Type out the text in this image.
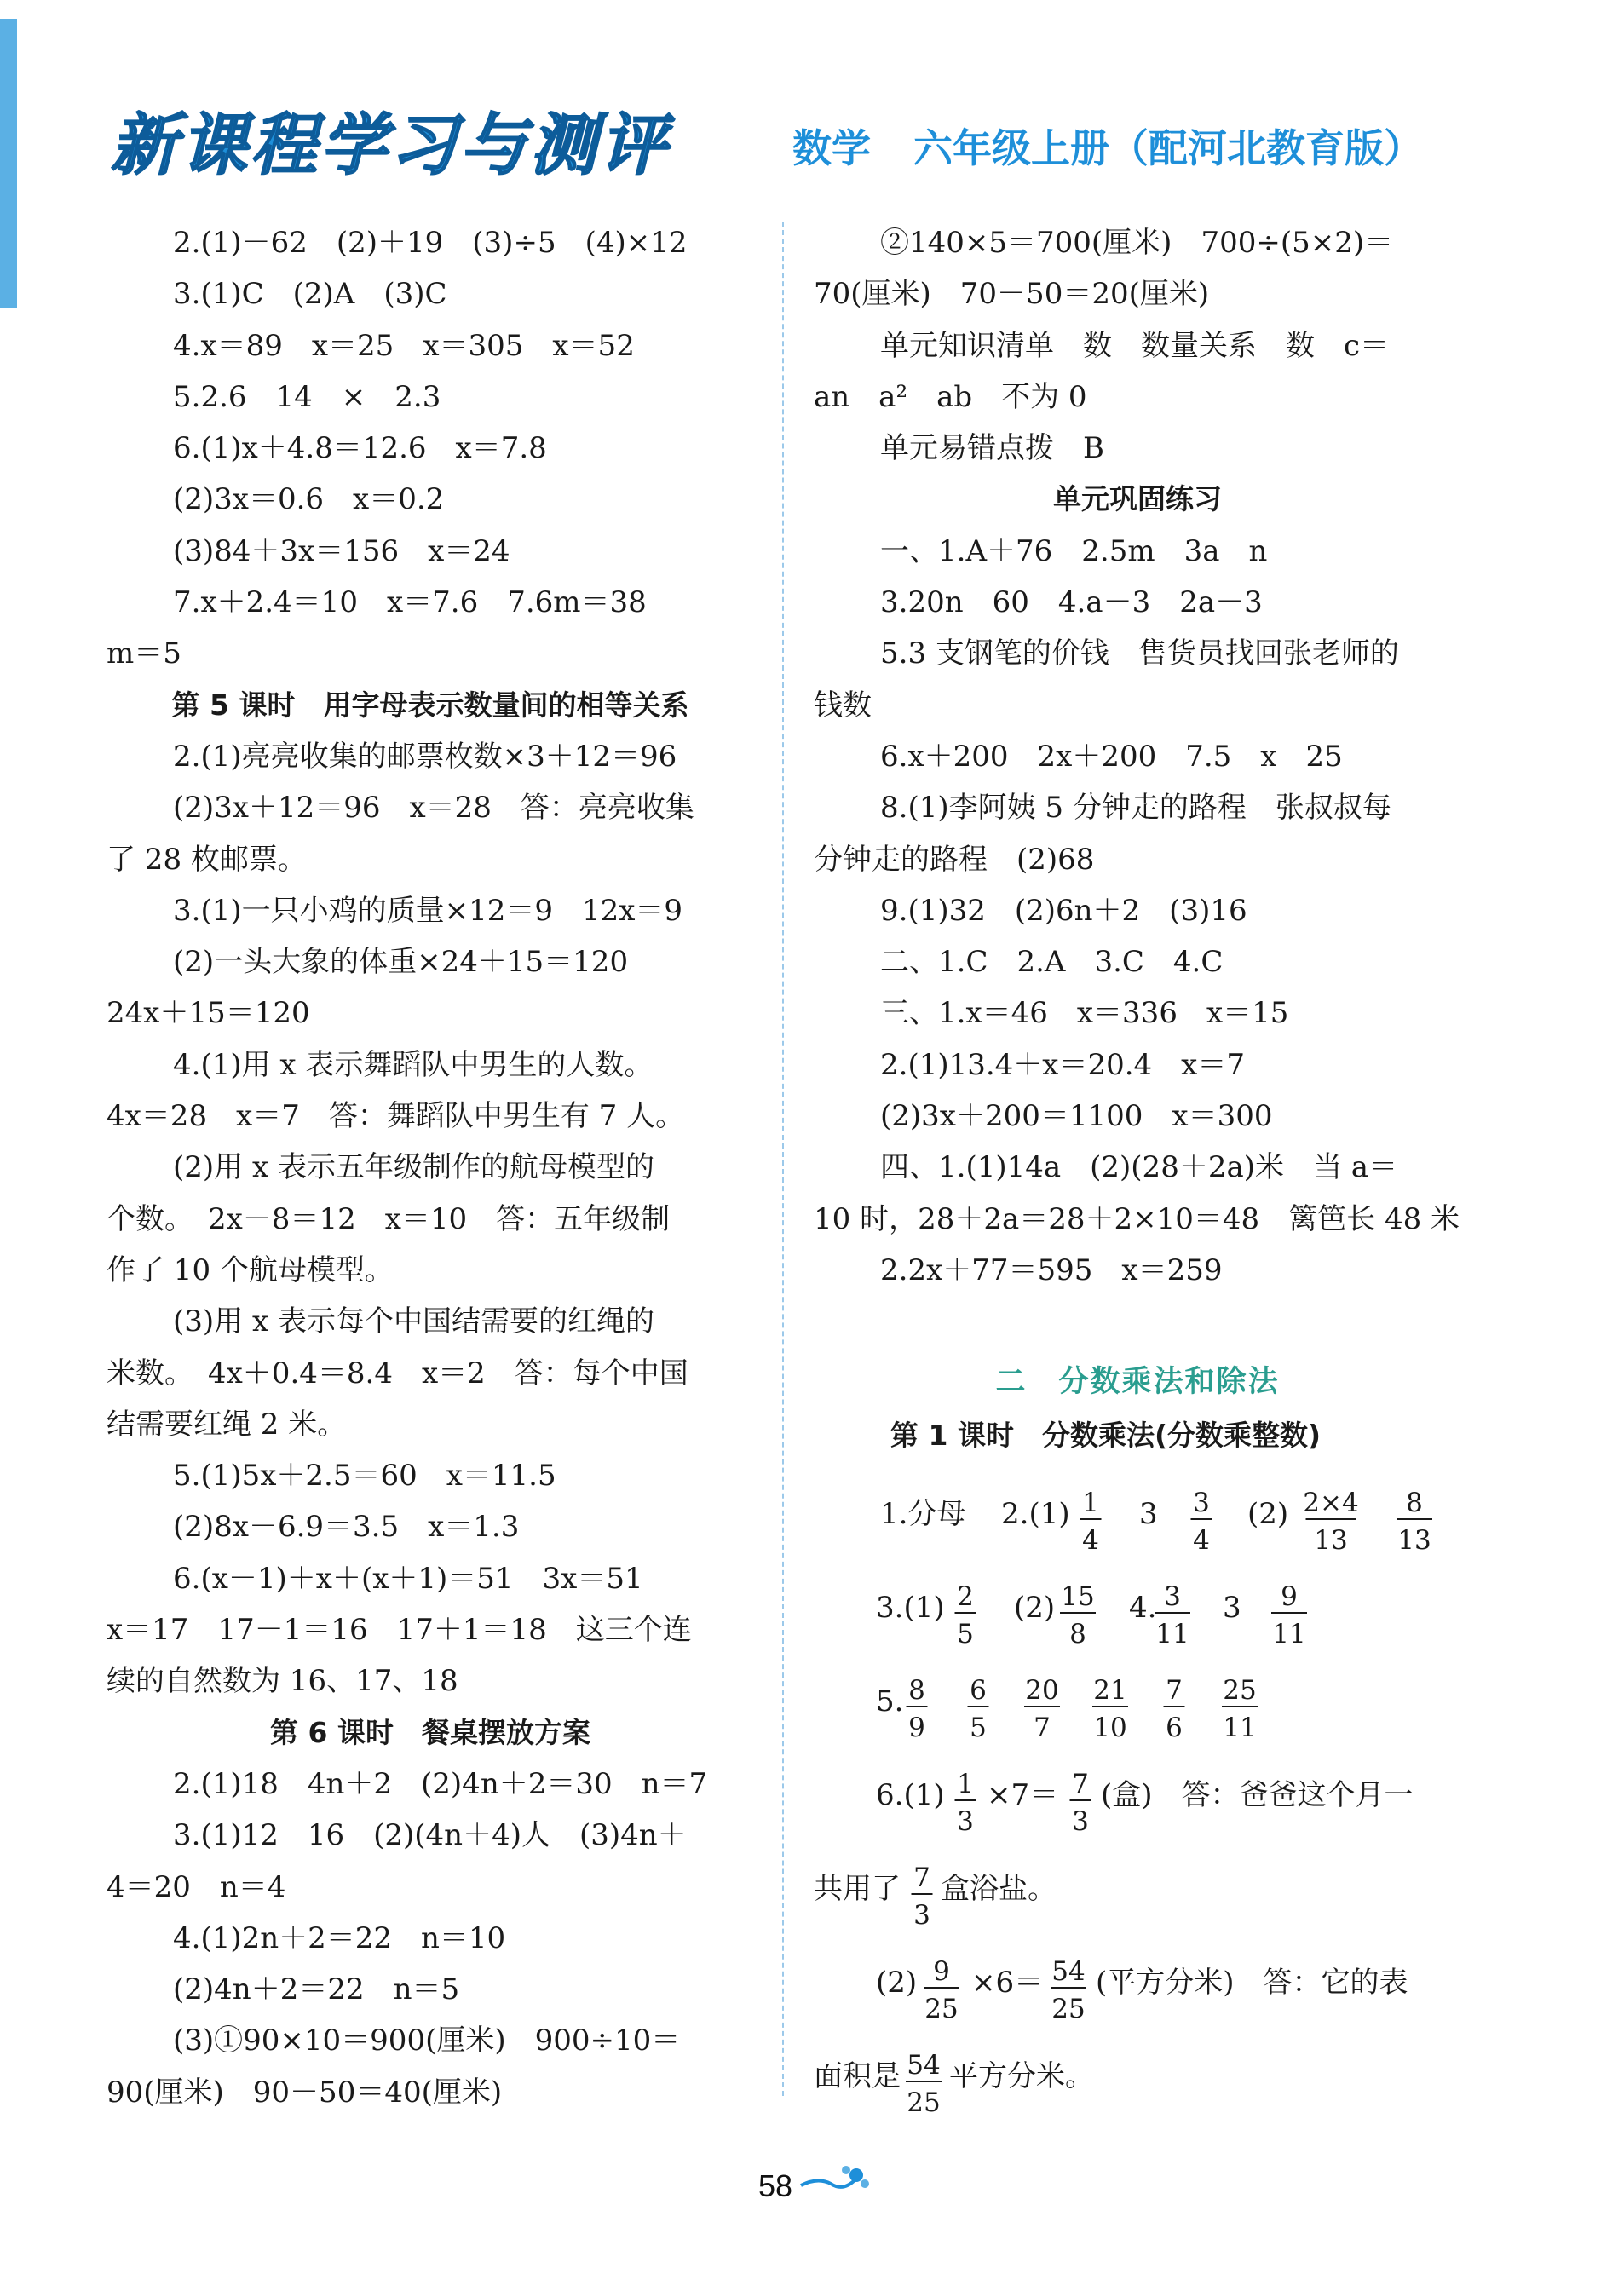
新课程学习与测评	数学 六年级上册（配河北教育版）
2.(1)－62　(2)＋19　(3)÷5　(4)×12
3.(1)C　(2)A　(3)C
4.x＝89　x＝25　x＝305　x＝52
5.2.6　14　×　2.3
6.(1)x＋4.8＝12.6　x＝7.8
(2)3x＝0.6　x＝0.2
(3)84＋3x＝156　x＝24
7.x＋2.4＝10　x＝7.6　7.6m＝38
m＝5
第 5 课时　用字母表示数量间的相等关系
2.(1)亮亮收集的邮票枚数×3＋12＝96
(2)3x＋12＝96　x＝28　答：亮亮收集
了 28 枚邮票。
3.(1)一只小鸡的质量×12＝9　12x＝9
(2)一头大象的体重×24＋15＝120
24x＋15＝120
4.(1)用 x 表示舞蹈队中男生的人数。
4x＝28　x＝7　答：舞蹈队中男生有 7 人。
(2)用 x 表示五年级制作的航母模型的
个数。　2x－8＝12　x＝10　答：五年级制
作了 10 个航母模型。
(3)用 x 表示每个中国结需要的红绳的
米数。　4x＋0.4＝8.4　x＝2　答：每个中国
结需要红绳 2 米。
5.(1)5x＋2.5＝60　x＝11.5
(2)8x－6.9＝3.5　x＝1.3
6.(x－1)＋x＋(x＋1)＝51　3x＝51
x＝17　17－1＝16　17＋1＝18　这三个连
续的自然数为 16、17、18
第 6 课时　餐桌摆放方案
2.(1)18　4n＋2　(2)4n＋2＝30　n＝7
3.(1)12　16　(2)(4n＋4)人　(3)4n＋
4＝20　n＝4
4.(1)2n＋2＝22　n＝10
(2)4n＋2＝22　n＝5
(3)①90×10＝900(厘米)　900÷10＝
90(厘米)　90－50＝40(厘米)
②140×5＝700(厘米)　700÷(5×2)＝
70(厘米)　70－50＝20(厘米)
单元知识清单　数　数量关系　数　c＝
an　a²　ab　不为 0
单元易错点拨　B
单元巩固练习
一、1.A＋76　2.5m　3a　n
3.20n　60　4.a－3　2a－3
5.3 支钢笔的价钱　售货员找回张老师的
钱数
6.x＋200　2x＋200　7.5　x　25
8.(1)李阿姨 5 分钟走的路程　张叔叔每
分钟走的路程　(2)68
9.(1)32　(2)6n＋2　(3)16
二、1.C　2.A　3.C　4.C
三、1.x＝46　x＝336　x＝15
2.(1)13.4＋x＝20.4　x＝7
(2)3x＋200＝1100　x＝300
四、1.(1)14a　(2)(28＋2a)米　当 a＝
10 时，28＋2a＝28＋2×10＝48　篱笆长 48 米
2.2x＋77＝595　x＝259
二　分数乘法和除法
第 1 课时　分数乘法(分数乘整数)
1.分母 2.(1) 1
4
3 3
4
(2) 2×4
13
8
13
3.(1) 2
5
(2) 15
8
4. 3
11
3 9
11
5. 8
9
6
5
20
7
21
10
7
6
25
11
6.(1) 1
3
×7＝ 7
3
(盒)　答：爸爸这个月一
共用了 7
3
盒浴盐。
(2) 9
25
×6＝ 54
25
(平方分米)　答：它的表
面积是 54
25
平方分米。
58
